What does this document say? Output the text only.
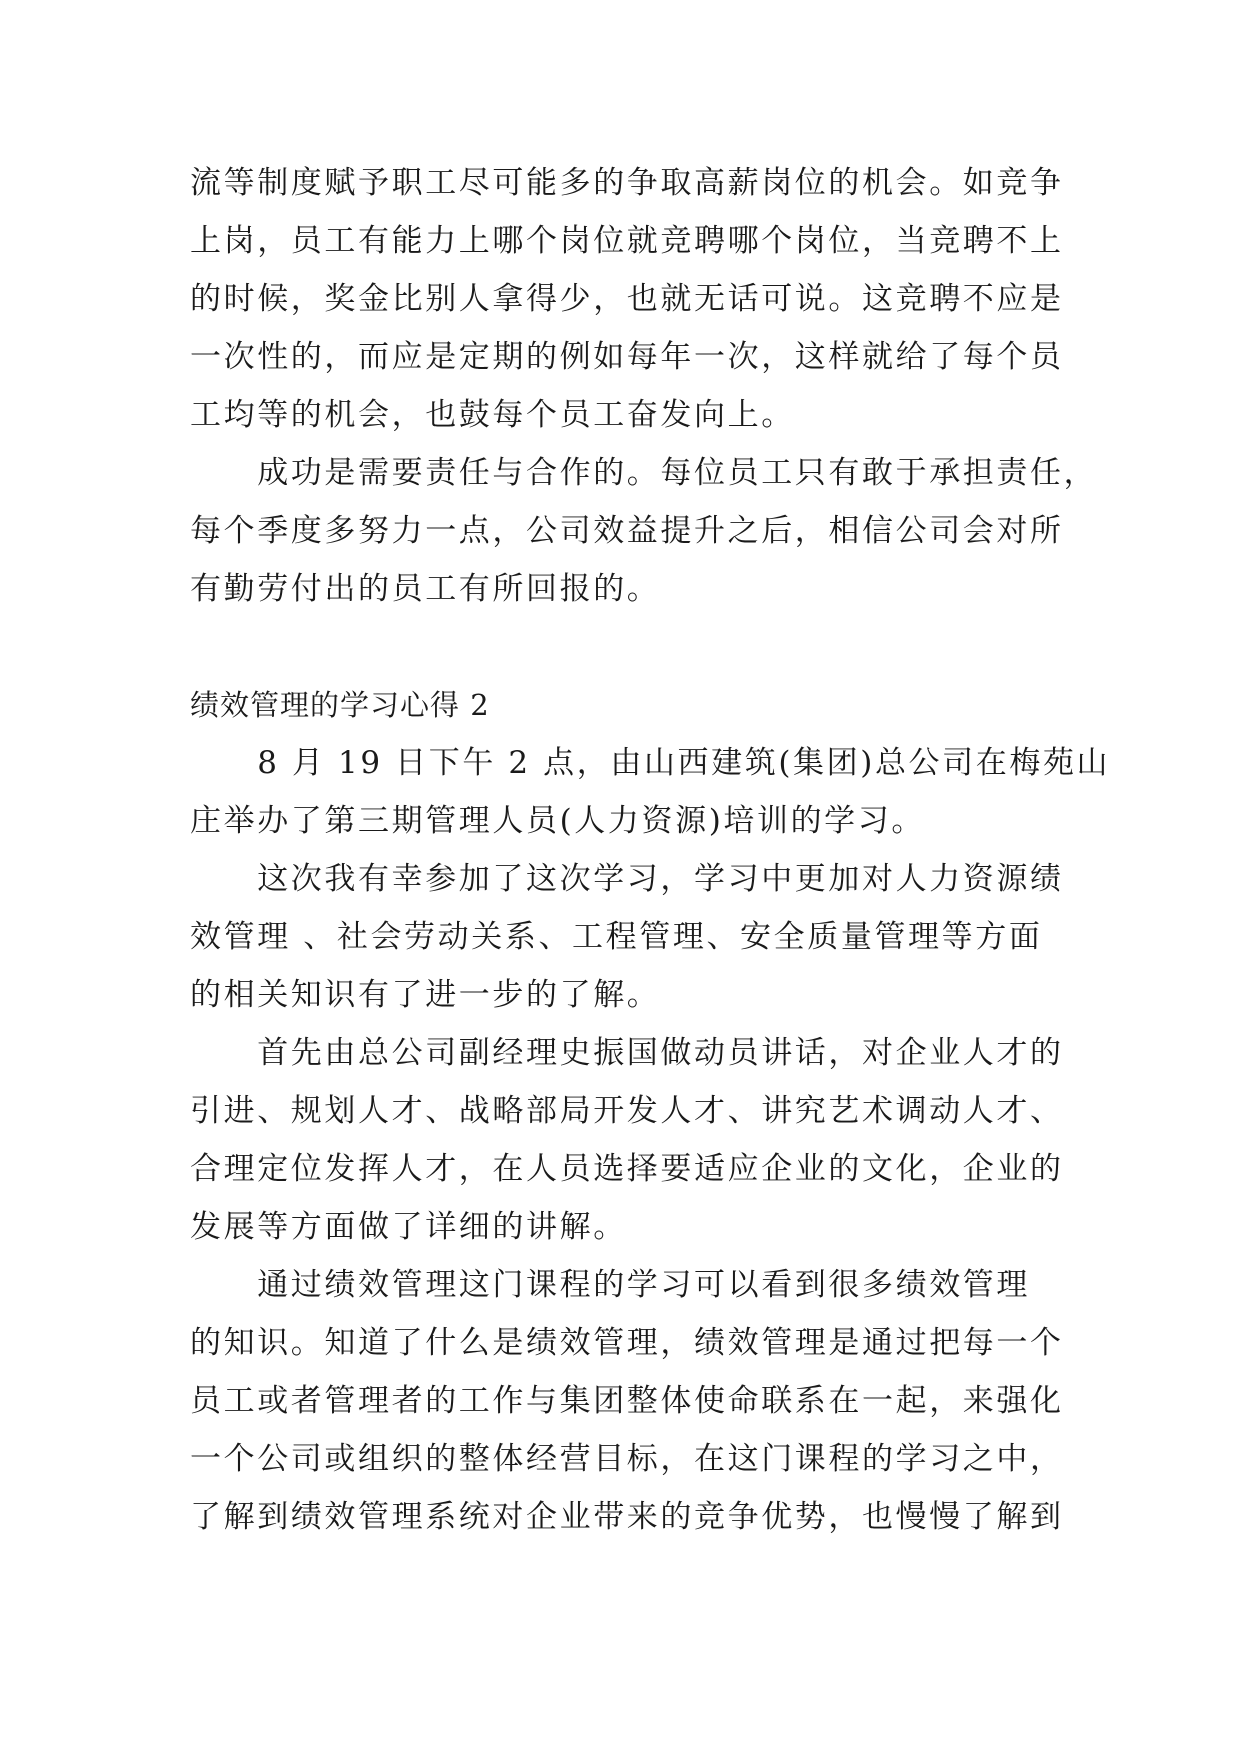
流等制度赋予职工尽可能多的争取高薪岗位的机会。如竞争
上岗，员工有能力上哪个岗位就竞聘哪个岗位，当竞聘不上
的时候，奖金比别人拿得少，也就无话可说。这竞聘不应是
一次性的，而应是定期的例如每年一次，这样就给了每个员
工均等的机会，也鼓每个员工奋发向上。
　　成功是需要责任与合作的。每位员工只有敢于承担责任，
每个季度多努力一点，公司效益提升之后，相信公司会对所
有勤劳付出的员工有所回报的。
绩效管理的学习心得 2
　　8 月 19 日下午 2 点，由山西建筑(集团)总公司在梅苑山
庄举办了第三期管理人员(人力资源)培训的学习。
　　这次我有幸参加了这次学习，学习中更加对人力资源绩
效管理 、社会劳动关系、工程管理、安全质量管理等方面
的相关知识有了进一步的了解。
　　首先由总公司副经理史振国做动员讲话，对企业人才的
引进、规划人才、战略部局开发人才、讲究艺术调动人才、
合理定位发挥人才，在人员选择要适应企业的文化，企业的
发展等方面做了详细的讲解。
　　通过绩效管理这门课程的学习可以看到很多绩效管理
的知识。知道了什么是绩效管理，绩效管理是通过把每一个
员工或者管理者的工作与集团整体使命联系在一起，来强化
一个公司或组织的整体经营目标，在这门课程的学习之中，
了解到绩效管理系统对企业带来的竞争优势，也慢慢了解到
